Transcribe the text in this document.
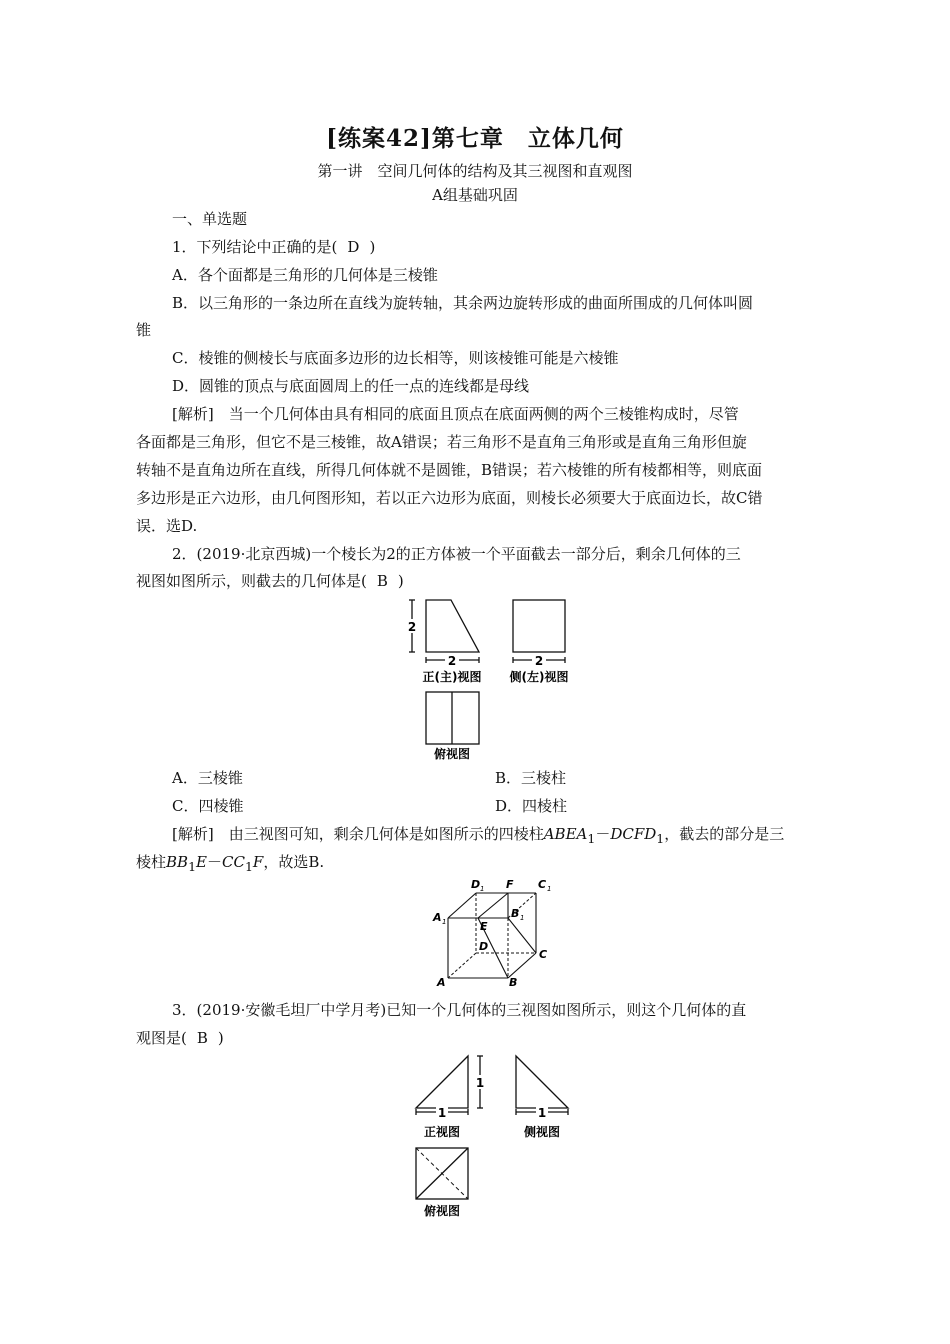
[练案42]第七章　立体几何
第一讲　空间几何体的结构及其三视图和直观图
A组基础巩固
一、单选题
1．下列结论中正确的是( D )
A．各个面都是三角形的几何体是三棱锥
B．以三角形的一条边所在直线为旋转轴，其余两边旋转形成的曲面所围成的几何体叫圆
锥
C．棱锥的侧棱长与底面多边形的边长相等，则该棱锥可能是六棱锥
D．圆锥的顶点与底面圆周上的任一点的连线都是母线
[解析]　当一个几何体由具有相同的底面且顶点在底面两侧的两个三棱锥构成时，尽管
各面都是三角形，但它不是三棱锥，故A错误；若三角形不是直角三角形或是直角三角形但旋
转轴不是直角边所在直线，所得几何体就不是圆锥，B错误；若六棱锥的所有棱都相等，则底面
多边形是正六边形，由几何图形知，若以正六边形为底面，则棱长必须要大于底面边长，故C错
误．选D.
2．(2019·北京西城)一个棱长为2的正方体被一个平面截去一部分后，剩余几何体的三
视图如图所示，则截去的几何体是( B )
2
2	2
正(主)视图 侧(左)视图
俯视图
A．三棱锥	B．三棱柱
C．四棱锥	D．四棱柱
[解析]　由三视图可知，剩余几何体是如图所示的四棱柱$ABEA_1-DCFD_1$，截去的部分是三
棱柱$BB_1E-CC_1F$，故选B.
D 1 F C 1
A 1	E
B 1
D
C
A	B
3．(2019·安徽毛坦厂中学月考)已知一个几何体的三视图如图所示，则这个几何体的直
观图是( B )
1
1	1
正视图	侧视图
俯视图
